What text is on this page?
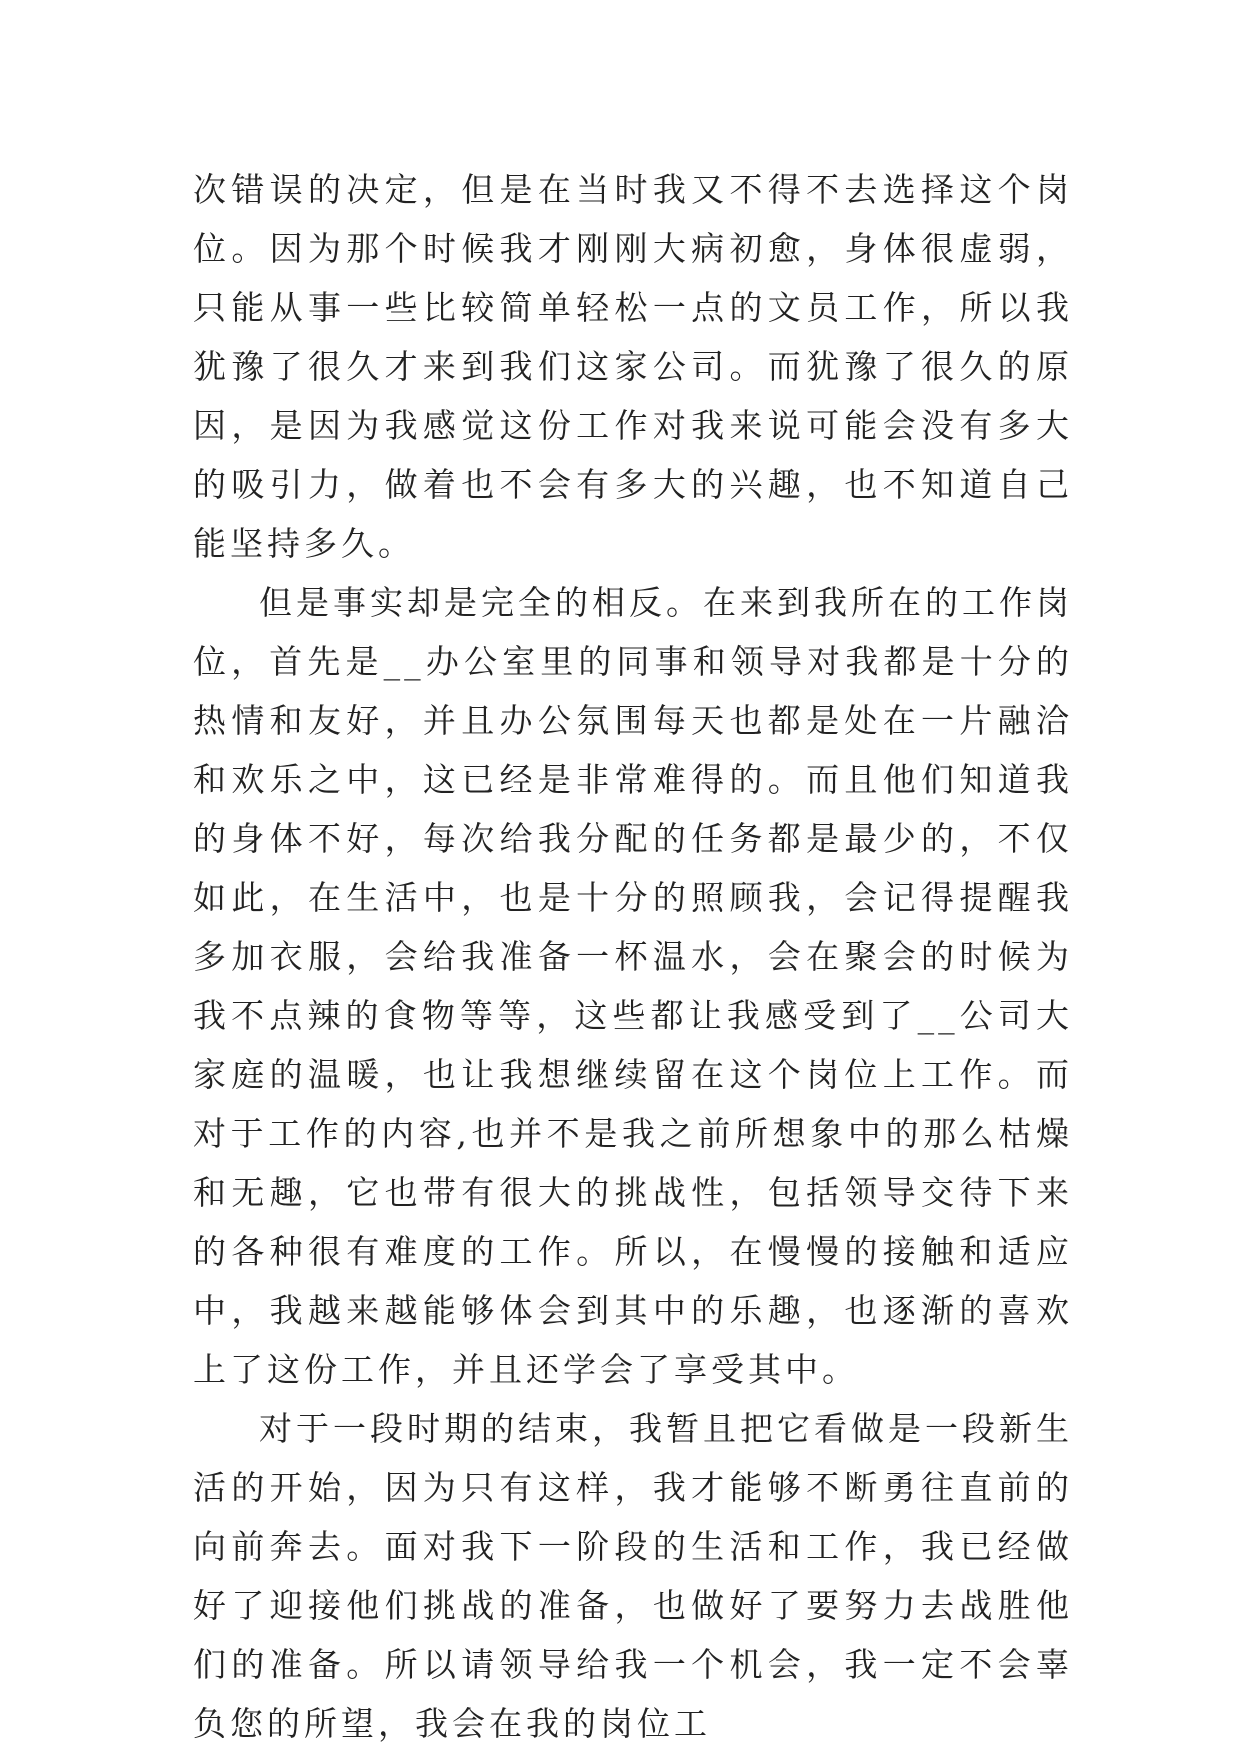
次错误的决定，但是在当时我又不得不去选择这个岗位。因为那个时候我才刚刚大病初愈，身体很虚弱，只能从事一些比较简单轻松一点的文员工作，所以我犹豫了很久才来到我们这家公司。而犹豫了很久的原因，是因为我感觉这份工作对我来说可能会没有多大的吸引力，做着也不会有多大的兴趣，也不知道自己能坚持多久。

但是事实却是完全的相反。在来到我所在的工作岗位，首先是__办公室里的同事和领导对我都是十分的热情和友好，并且办公氛围每天也都是处在一片融洽和欢乐之中，这已经是非常难得的。而且他们知道我的身体不好，每次给我分配的任务都是最少的，不仅如此，在生活中，也是十分的照顾我，会记得提醒我多加衣服，会给我准备一杯温水，会在聚会的时候为我不点辣的食物等等，这些都让我感受到了__公司大家庭的温暖，也让我想继续留在这个岗位上工作。而对于工作的内容,也并不是我之前所想象中的那么枯燥和无趣，它也带有很大的挑战性，包括领导交待下来的各种很有难度的工作。所以，在慢慢的接触和适应中，我越来越能够体会到其中的乐趣，也逐渐的喜欢上了这份工作，并且还学会了享受其中。

对于一段时期的结束，我暂且把它看做是一段新生活的开始，因为只有这样，我才能够不断勇往直前的向前奔去。面对我下一阶段的生活和工作，我已经做好了迎接他们挑战的准备，也做好了要努力去战胜他们的准备。所以请领导给我一个机会，我一定不会辜负您的所望，我会在我的岗位工
